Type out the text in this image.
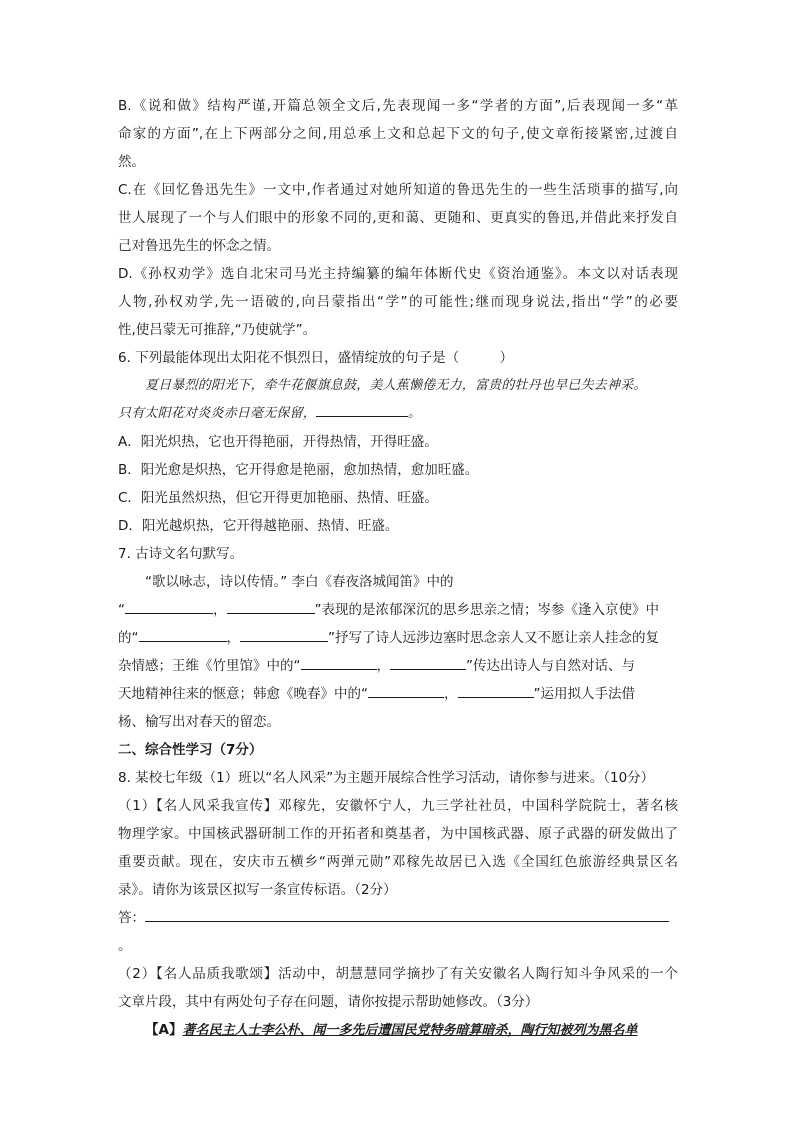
B.《说和做》结构严谨,开篇总领全文后,先表现闻一多“学者的方面”,后表现闻一多“革
命家的方面”,在上下两部分之间,用总承上文和总起下文的句子,使文章衔接紧密,过渡自
然。
C.在《回忆鲁迅先生》一文中,作者通过对她所知道的鲁迅先生的一些生活琐事的描写,向
世人展现了一个与人们眼中的形象不同的,更和蔼、更随和、更真实的鲁迅,并借此来抒发自
己对鲁迅先生的怀念之情。
D.《孙权劝学》选自北宋司马光主持编纂的编年体断代史《资治通鉴》。本文以对话表现
人物,孙权劝学,先一语破的,向吕蒙指出“学”的可能性;继而现身说法,指出“学”的必要
性,使吕蒙无可推辞,“乃使就学”。
6. 下列最能体现出太阳花不惧烈日，盛情绽放的句子是（　　　）
夏日暴烈的阳光下，牵牛花偃旗息鼓，美人蕉懒倦无力，富贵的牡丹也早已失去神采。
只有太阳花对炎炎赤日毫无保留，	。
A．阳光炽热，它也开得艳丽，开得热情，开得旺盛。
B．阳光愈是炽热，它开得愈是艳丽，愈加热情，愈加旺盛。
C．阳光虽然炽热，但它开得更加艳丽、热情、旺盛。
D．阳光越炽热，它开得越艳丽、热情、旺盛。
7. 古诗文名句默写。
“歌以咏志，诗以传情。” 李白《春夜洛城闻笛》中的
“	，	”表现的是浓郁深沉的思乡思亲之情；岑参《逢入京使》中
的“	，	”抒写了诗人远涉边塞时思念亲人又不愿让亲人挂念的复
杂情感；王维《竹里馆》中的“	，	”传达出诗人与自然对话、与
天地精神往来的惬意；韩愈《晚春》中的“	，	”运用拟人手法借
杨、榆写出对春天的留恋。
二、综合性学习（7分）
8. 某校七年级（1）班以“名人风采”为主题开展综合性学习活动，请你参与进来。（10分）
（1）【名人风采我宣传】邓稼先，安徽怀宁人，九三学社社员，中国科学院院士，著名核
物理学家。中国核武器研制工作的开拓者和奠基者，为中国核武器、原子武器的研发做出了
重要贡献。现在，安庆市五横乡“两弹元勋”邓稼先故居已入选《全国红色旅游经典景区名
录》。请你为该景区拟写一条宣传标语。（2分）
答：
。
（2）【名人品质我歌颂】活动中，胡慧慧同学摘抄了有关安徽名人陶行知斗争风采的一个
文章片段，其中有两处句子存在问题，请你按提示帮助她修改。（3分）
【A】著名民主人士李公朴、闻一多先后遭国民党特务暗算暗杀，陶行知被列为黑名单
